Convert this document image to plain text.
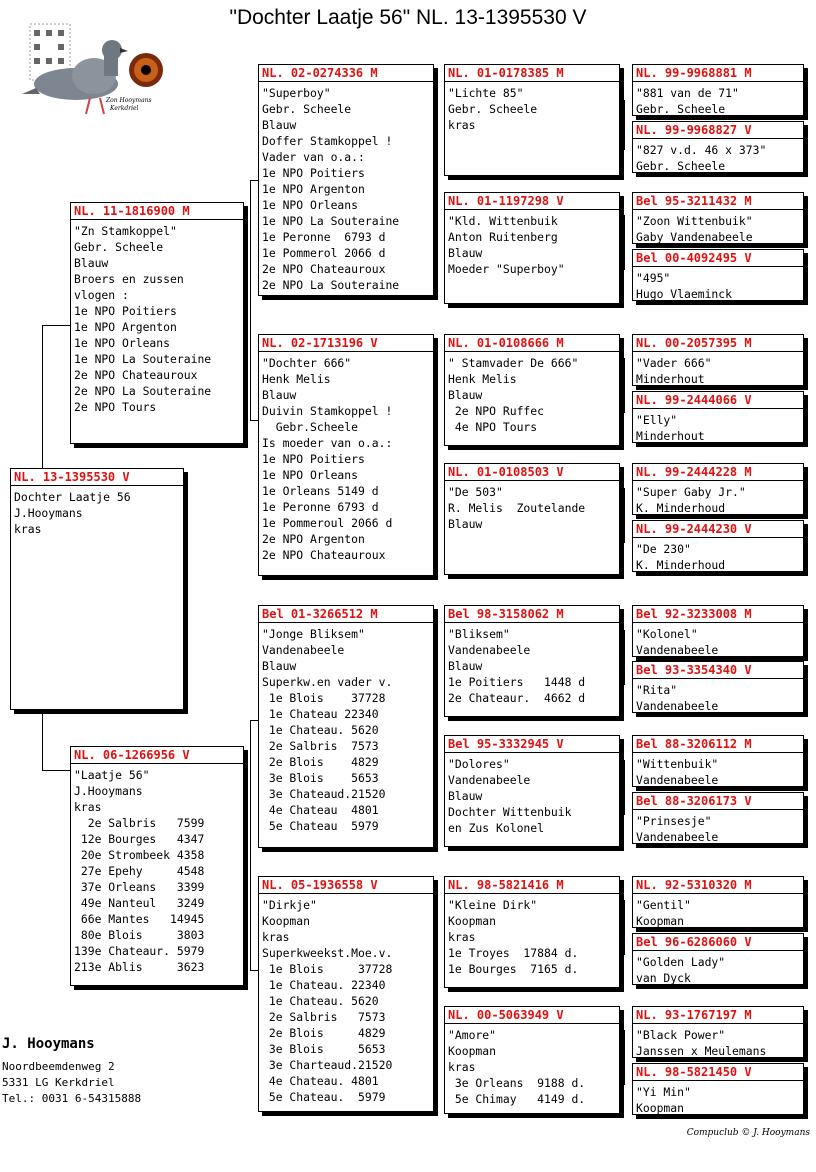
"Dochter Laatje 56" NL. 13-1395530 V
Zon Hooymans
Kerkdriel
NL. 13-1395530 V
Dochter Laatje 56
J.Hooymans
kras
NL. 11-1816900 M
"Zn Stamkoppel"
Gebr. Scheele
Blauw
Broers en zussen
vlogen :
1e NPO Poitiers
1e NPO Argenton
1e NPO Orleans
1e NPO La Souteraine
2e NPO Chateauroux
2e NPO La Souteraine
2e NPO Tours
NL. 06-1266956 V
"Laatje 56"
J.Hooymans
kras
2e Salbris   7599
12e Bourges   4347
20e Strombeek 4358
27e Epehy     4548
37e Orleans   3399
49e Nanteul   3249
66e Mantes   14945
80e Blois     3803
139e Chateaur. 5979
213e Ablis     3623
NL. 02-0274336 M
"Superboy"
Gebr. Scheele
Blauw
Doffer Stamkoppel !
Vader van o.a.:
1e NPO Poitiers
1e NPO Argenton
1e NPO Orleans
1e NPO La Souteraine
1e Peronne  6793 d
1e Pommerol 2066 d
2e NPO Chateauroux
2e NPO La Souteraine
NL. 02-1713196 V
"Dochter 666"
Henk Melis
Blauw
Duivin Stamkoppel !
Gebr.Scheele
Is moeder van o.a.:
1e NPO Poitiers
1e NPO Orleans
1e Orleans 5149 d
1e Peronne 6793 d
1e Pommeroul 2066 d
2e NPO Argenton
2e NPO Chateauroux
Bel 01-3266512 M
"Jonge Bliksem"
Vandenabeele
Blauw
Superkw.en vader v.
1e Blois    37728
1e Chateau 22340
1e Chateau. 5620
2e Salbris  7573
2e Blois    4829
3e Blois    5653
3e Chateaud.21520
4e Chateau  4801
5e Chateau  5979
NL. 05-1936558 V
"Dirkje"
Koopman
kras
Superkweekst.Moe.v.
1e Blois     37728
1e Chateau. 22340
1e Chateau. 5620
2e Salbris   7573
2e Blois     4829
3e Blois     5653
3e Charteaud.21520
4e Chateau. 4801
5e Chateau.  5979
NL. 01-0178385 M
"Lichte 85"
Gebr. Scheele
kras
NL. 01-1197298 V
"Kld. Wittenbuik
Anton Ruitenberg
Blauw
Moeder "Superboy"
NL. 01-0108666 M
" Stamvader De 666"
Henk Melis
Blauw
2e NPO Ruffec
4e NPO Tours
NL. 01-0108503 V
"De 503"
R. Melis  Zoutelande
Blauw
Bel 98-3158062 M
"Bliksem"
Vandenabeele
Blauw
1e Poitiers   1448 d
2e Chateaur.  4662 d
Bel 95-3332945 V
"Dolores"
Vandenabeele
Blauw
Dochter Wittenbuik
en Zus Kolonel
NL. 98-5821416 M
"Kleine Dirk"
Koopman
kras
1e Troyes  17884 d.
1e Bourges  7165 d.
NL. 00-5063949 V
"Amore"
Koopman
kras
3e Orleans  9188 d.
5e Chimay   4149 d.
NL. 99-9968881 M
"881 van de 71"
Gebr. Scheele
NL. 99-9968827 V
"827 v.d. 46 x 373"
Gebr. Scheele
Bel 95-3211432 M
"Zoon Wittenbuik"
Gaby Vandenabeele
Bel 00-4092495 V
"495"
Hugo Vlaeminck
NL. 00-2057395 M
"Vader 666"
Minderhout
NL. 99-2444066 V
"Elly"
Minderhout
NL. 99-2444228 M
"Super Gaby Jr."
K. Minderhoud
NL. 99-2444230 V
"De 230"
K. Minderhoud
Bel 92-3233008 M
"Kolonel"
Vandenabeele
Bel 93-3354340 V
"Rita"
Vandenabeele
Bel 88-3206112 M
"Wittenbuik"
Vandenabeele
Bel 88-3206173 V
"Prinsesje"
Vandenabeele
NL. 92-5310320 M
"Gentil"
Koopman
Bel 96-6286060 V
"Golden Lady"
van Dyck
NL. 93-1767197 M
"Black Power"
Janssen x Meulemans
NL. 98-5821450 V
"Yi Min"
Koopman
J. Hooymans
Noordbeemdenweg 2
5331 LG Kerkdriel
Tel.: 0031 6-54315888
Compuclub © J. Hooymans
